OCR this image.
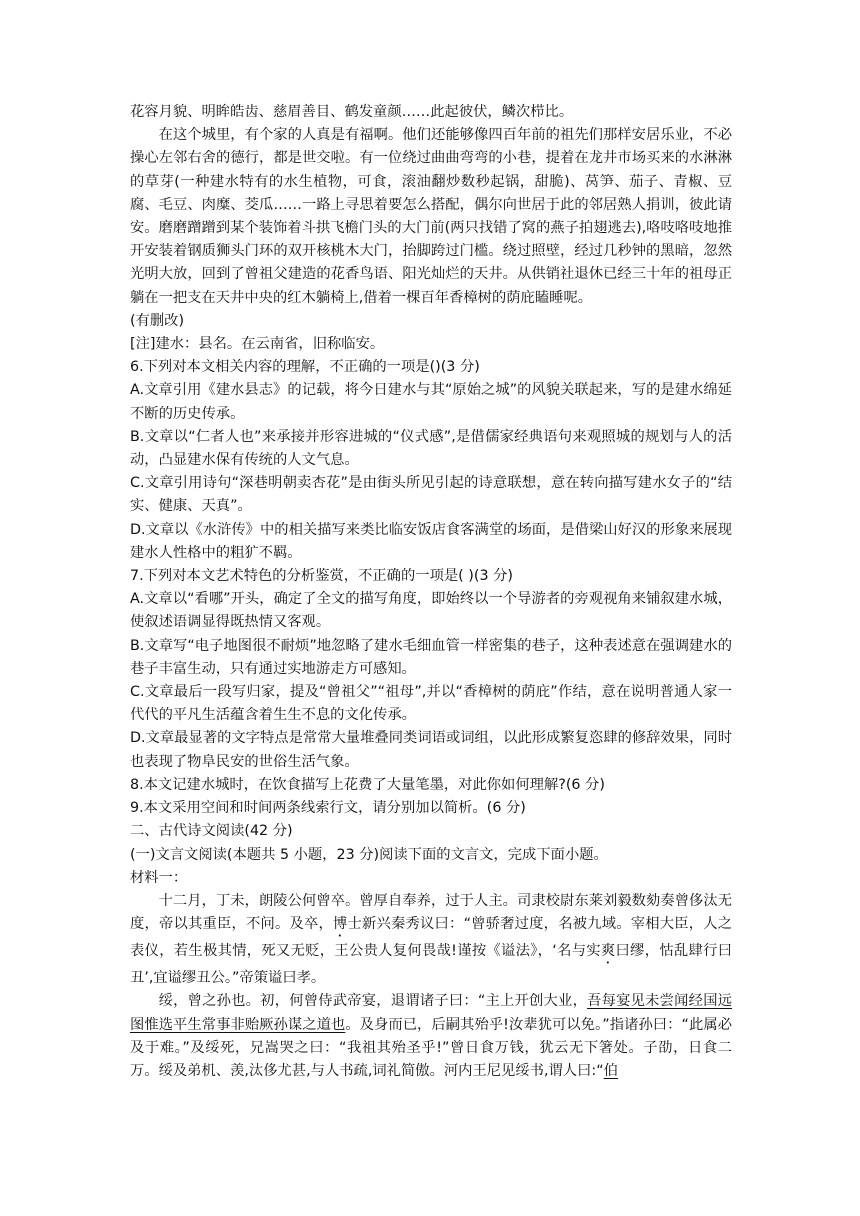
花容月貌、明眸皓齿、慈眉善目、鹤发童颜……此起彼伏，鳞次栉比。

在这个城里，有个家的人真是有福啊。他们还能够像四百年前的祖先们那样安居乐业，不必操心左邻右舍的德行，都是世交啦。有一位绕过曲曲弯弯的小巷，提着在龙井市场买来的水淋淋的草芽(一种建水特有的水生植物，可食，滚油翻炒数秒起锅，甜脆)、莴笋、茄子、青椒、豆腐、毛豆、肉糜、茭瓜……一路上寻思着要怎么搭配，偶尔向世居于此的邻居熟人捐训，彼此请安。磨磨蹭蹭到某个装饰着斗拱飞檐门头的大门前(两只找错了窝的燕子拍翅逃去),咯吱咯吱地推开安装着钢质狮头门环的双开核桃木大门，抬脚跨过门槛。绕过照壁，经过几秒钟的黑暗，忽然光明大放，回到了曾祖父建造的花香鸟语、阳光灿烂的天井。从供销社退休已经三十年的祖母正躺在一把支在天井中央的红木躺椅上,借着一棵百年香樟树的荫庇瞌睡呢。

(有删改)

[注]建水：县名。在云南省，旧称临安。

6.下列对本文相关内容的理解，不正确的一项是()(3 分)

A.文章引用《建水县志》的记载，将今日建水与其“原始之城”的风貌关联起来，写的是建水绵延不断的历史传承。

B.文章以“仁者人也”来承接并形容进城的“仪式感”,是借儒家经典语句来观照城的规划与人的活动，凸显建水保有传统的人文气息。

C.文章引用诗句“深巷明朝卖杏花”是由街头所见引起的诗意联想，意在转向描写建水女子的“结实、健康、天真”。

D.文章以《水浒传》中的相关描写来类比临安饭店食客满堂的场面，是借梁山好汉的形象来展现建水人性格中的粗犷不羁。

7.下列对本文艺术特色的分析鉴赏，不正确的一项是( )(3 分)

A.文章以“看哪”开头，确定了全文的描写角度，即始终以一个导游者的旁观视角来铺叙建水城，使叙述语调显得既热情又客观。

B.文章写“电子地图很不耐烦”地忽略了建水毛细血管一样密集的巷子，这种表述意在强调建水的巷子丰富生动，只有通过实地游走方可感知。

C.文章最后一段写归家，提及“曾祖父”“祖母”,并以“香樟树的荫庇”作结，意在说明普通人家一代代的平凡生活蕴含着生生不息的文化传承。

D.文章最显著的文字特点是常常大量堆叠同类词语或词组，以此形成繁复恣肆的修辞效果，同时也表现了物阜民安的世俗生活气象。

8.本文记建水城时，在饮食描写上花费了大量笔墨，对此你如何理解?(6 分)

9.本文采用空间和时间两条线索行文，请分别加以简析。(6 分)

二、古代诗文阅读(42 分)

(一)文言文阅读(本题共 5 小题，23 分)阅读下面的文言文，完成下面小题。

材料一：

十二月，丁未，朗陵公何曾卒。曾厚自奉养，过于人主。司隶校尉东莱刘毅数劾奏曾侈汰无度，帝以其重臣，不问。及卒，博士新兴秦秀议曰：“曾骄奢过度，名被九域。宰相大臣，人之表仪，若生极其情，死又无贬，王公贵人复何畏哉!谨按《谥法》，‘名与实爽曰缪，怙乱肆行曰丑’,宜谥缪丑公。”帝策谥曰孝。

绥，曾之孙也。初，何曾侍武帝宴，退谓诸子曰：“主上开创大业，吾每宴见未尝闻经国远图惟选平生常事非贻厥孙谋之道也。及身而已，后嗣其殆乎!汝辈犹可以免。”指诸孙曰：“此属必及于难。”及绥死，兄嵩哭之曰：“我祖其殆圣乎!”曾日食万钱，犹云无下箸处。子劭，日食二万。绥及弟机、羡,汰侈尤甚,与人书疏,词礼简傲。河内王尼见绥书,谓人曰:“伯
